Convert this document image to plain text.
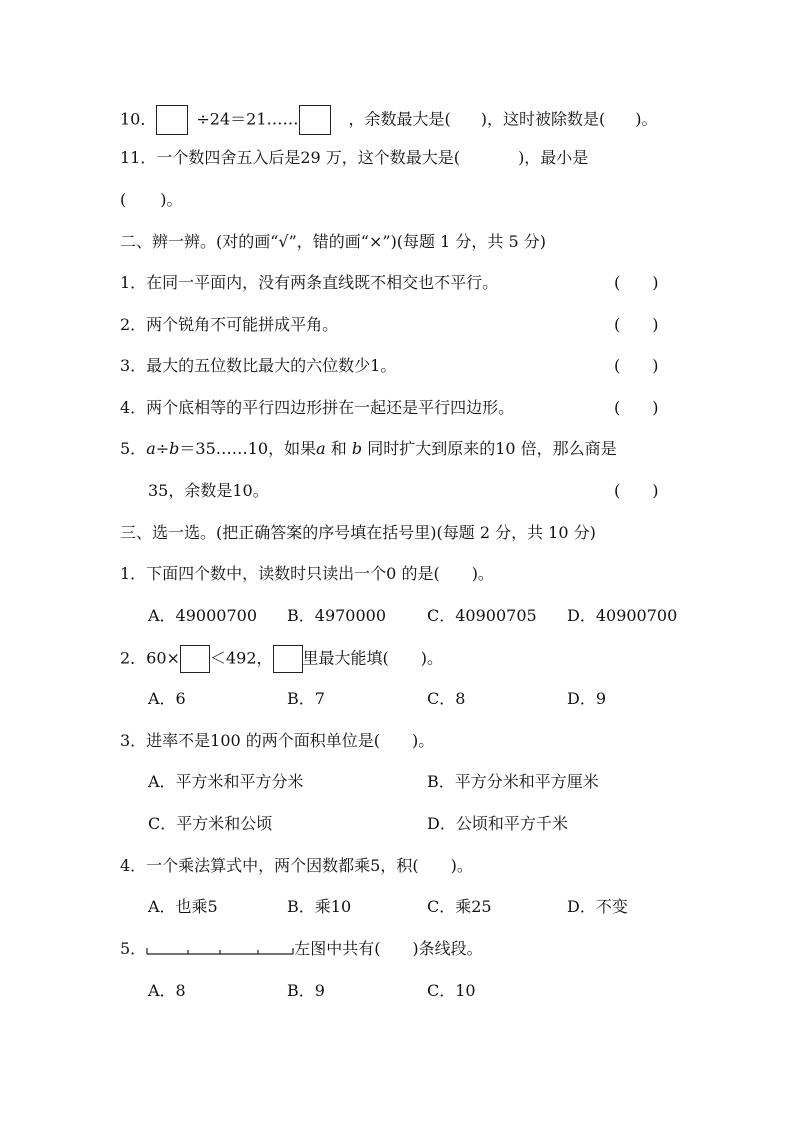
10．	÷24＝21……	，余数最大是( )，这时被除数是( )。
11．一个数四舍五入后是29 万，这个数最大是(	)，最小是
( )。
二、辨一辨。(对的画“√”，错的画“×”)(每题 1 分，共 5 分)
1．在同一平面内，没有两条直线既不相交也不平行。	(　　)
2．两个锐角不可能拼成平角。	(　　)
3．最大的五位数比最大的六位数少1。	(　　)
4．两个底相等的平行四边形拼在一起还是平行四边形。	(　　)
5．a÷b＝35……10，如果a 和 b 同时扩大到原来的10 倍，那么商是
35，余数是10。	(　　)
三、选一选。(把正确答案的序号填在括号里)(每题 2 分，共 10 分)
1．下面四个数中，读数时只读出一个0 的是(　　)。
A．49000700 B．4970000	C．40900705 D．40900700
2．60× ＜492， 里最大能填(　　)。
A．6	B．7	C．8	D．9
3．进率不是100 的两个面积单位是(　　)。
A．平方米和平方分米	B．平方分米和平方厘米
C．平方米和公顷	D．公顷和平方千米
4．一个乘法算式中，两个因数都乘5，积(　　)。
A．也乘5	B．乘10	C．乘25	D．不变
5．	左图中共有(　　)条线段。
A．8	B．9	C．10
